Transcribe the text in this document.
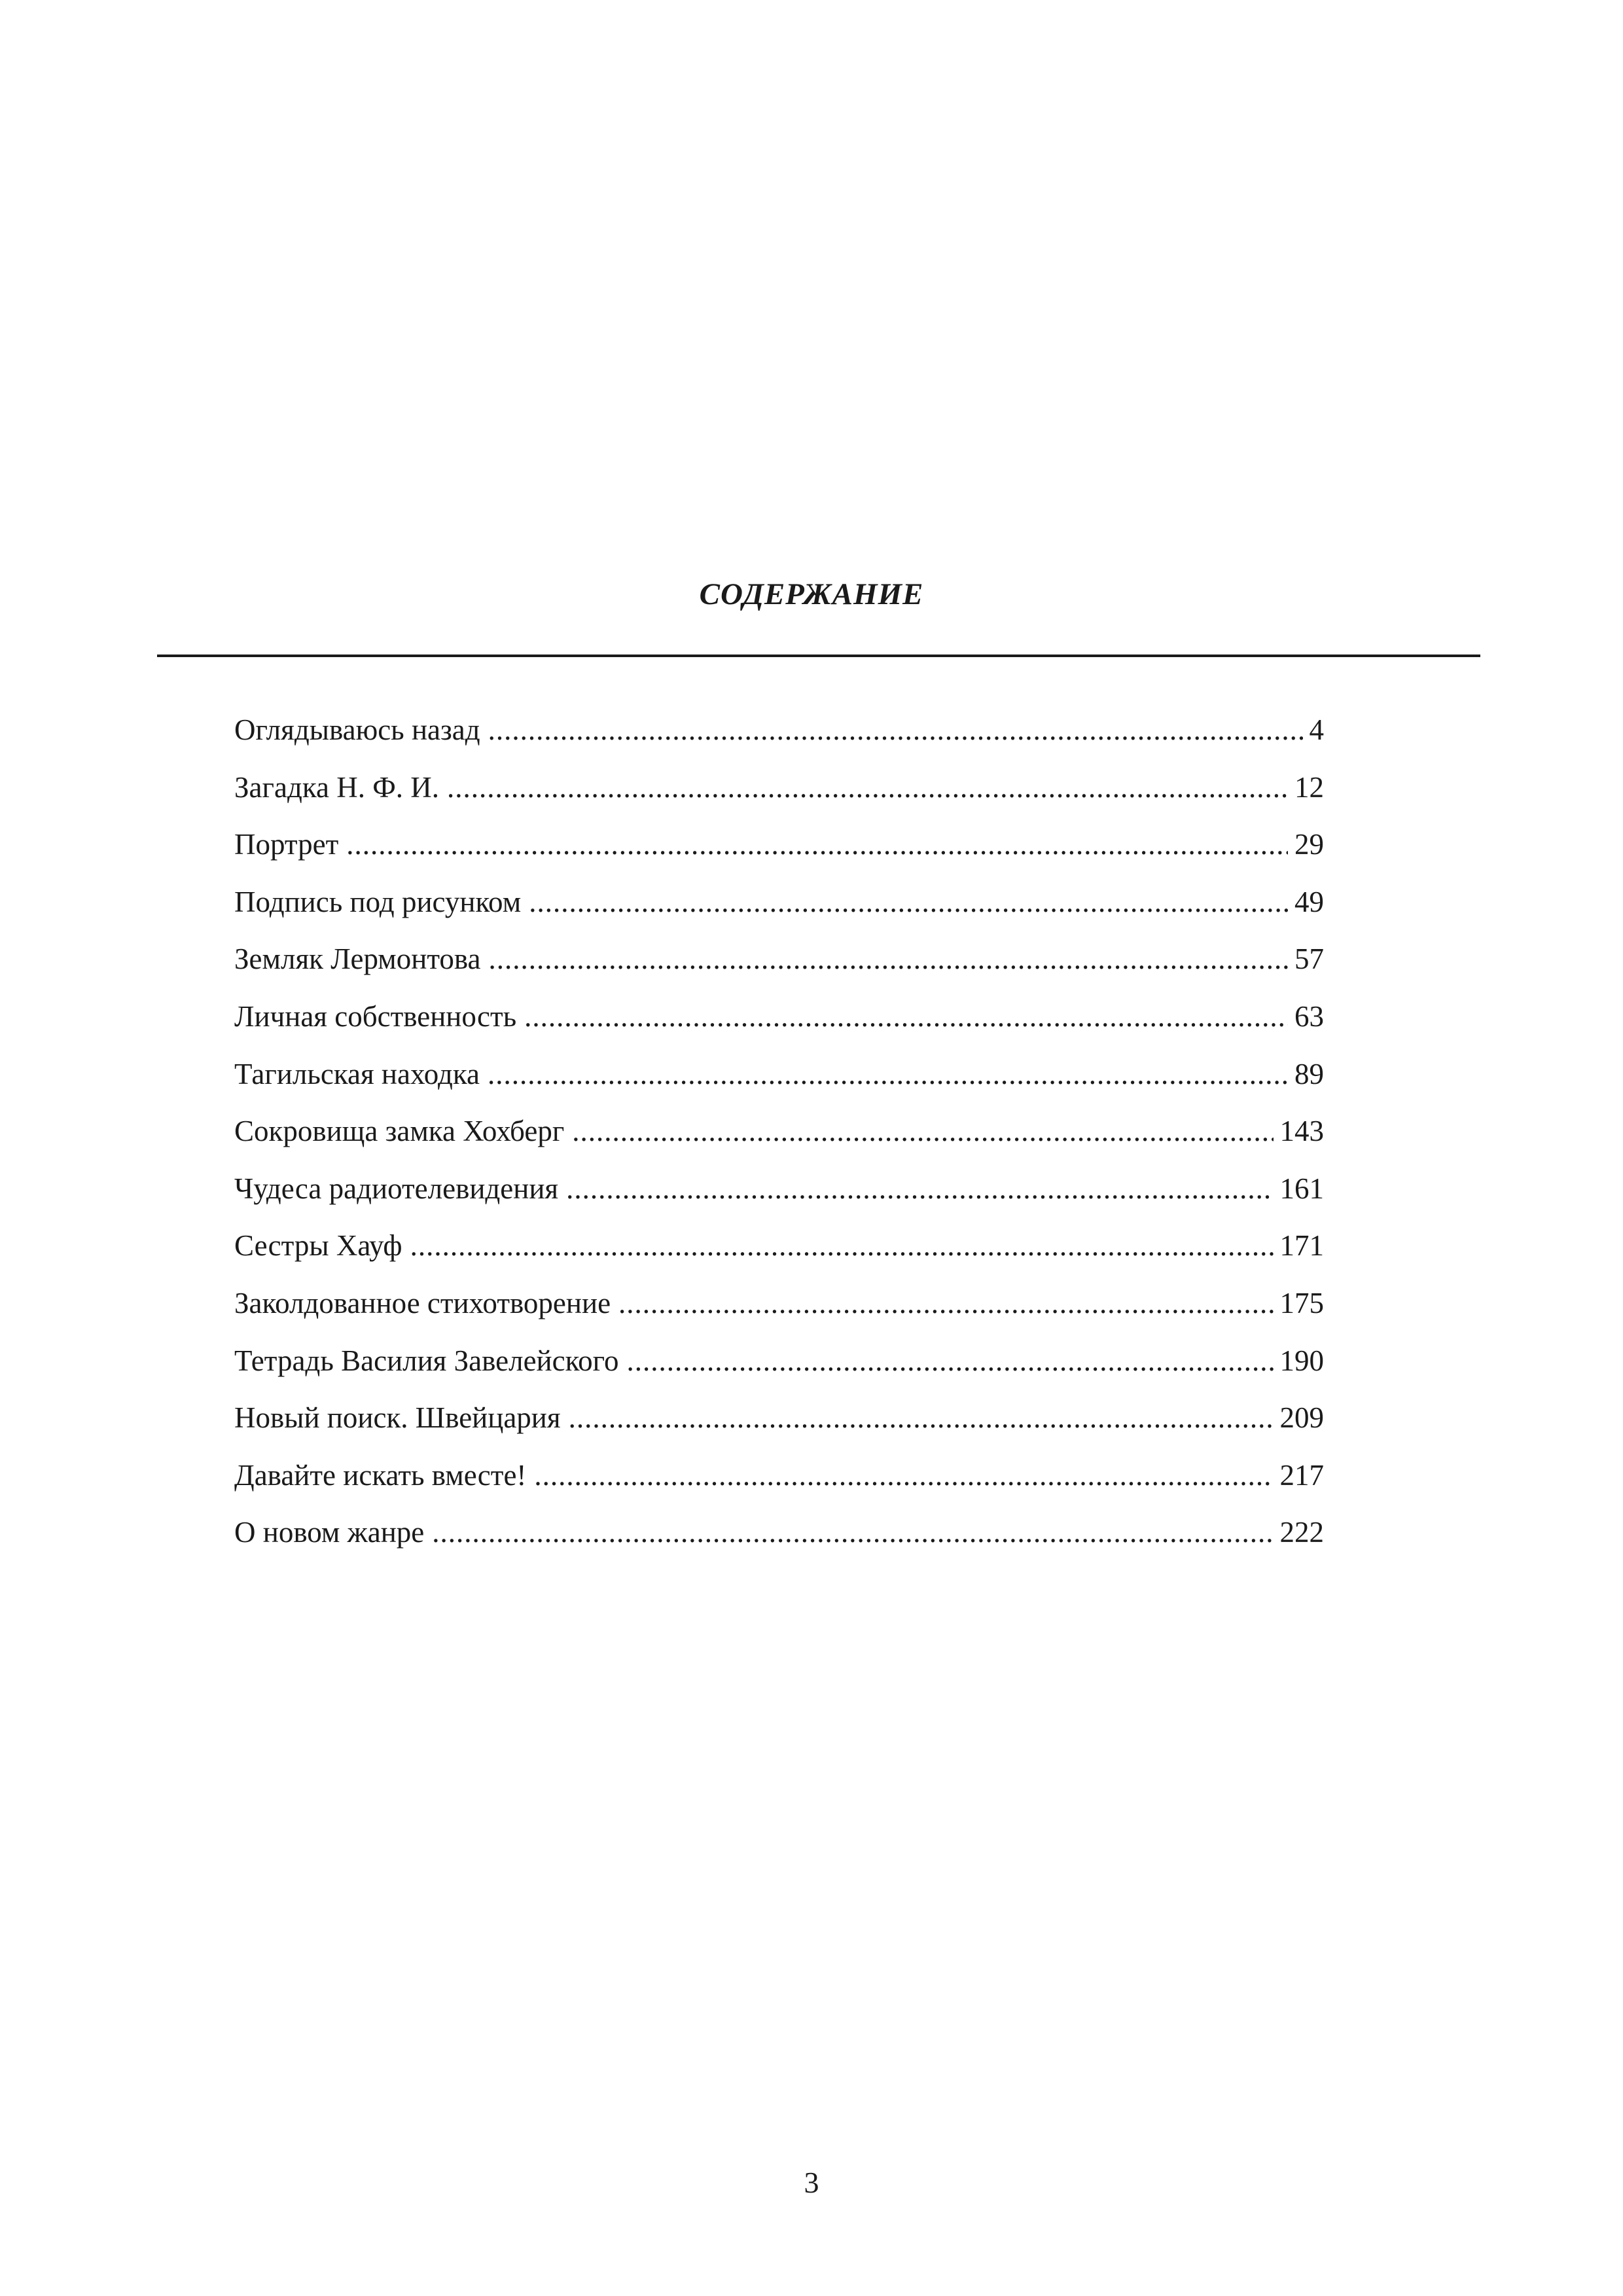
СОДЕРЖАНИЕ
Оглядываюсь назад .....	4
Загадка Н. Ф. И. .....	12
Портрет .....	29
Подпись под рисунком .....	49
Земляк Лермонтова .....	57
Личная собственность .....	63
Тагильская находка .....	89
Сокровища замка Хохберг .....	143
Чудеса радиотелевидения .....	161
Сестры Хауф .....	171
Заколдованное стихотворение .....	175
Тетрадь Василия Завелейского .....	190
Новый поиск. Швейцария .....	209
Давайте искать вместе! .....	217
О новом жанре .....	222
3
